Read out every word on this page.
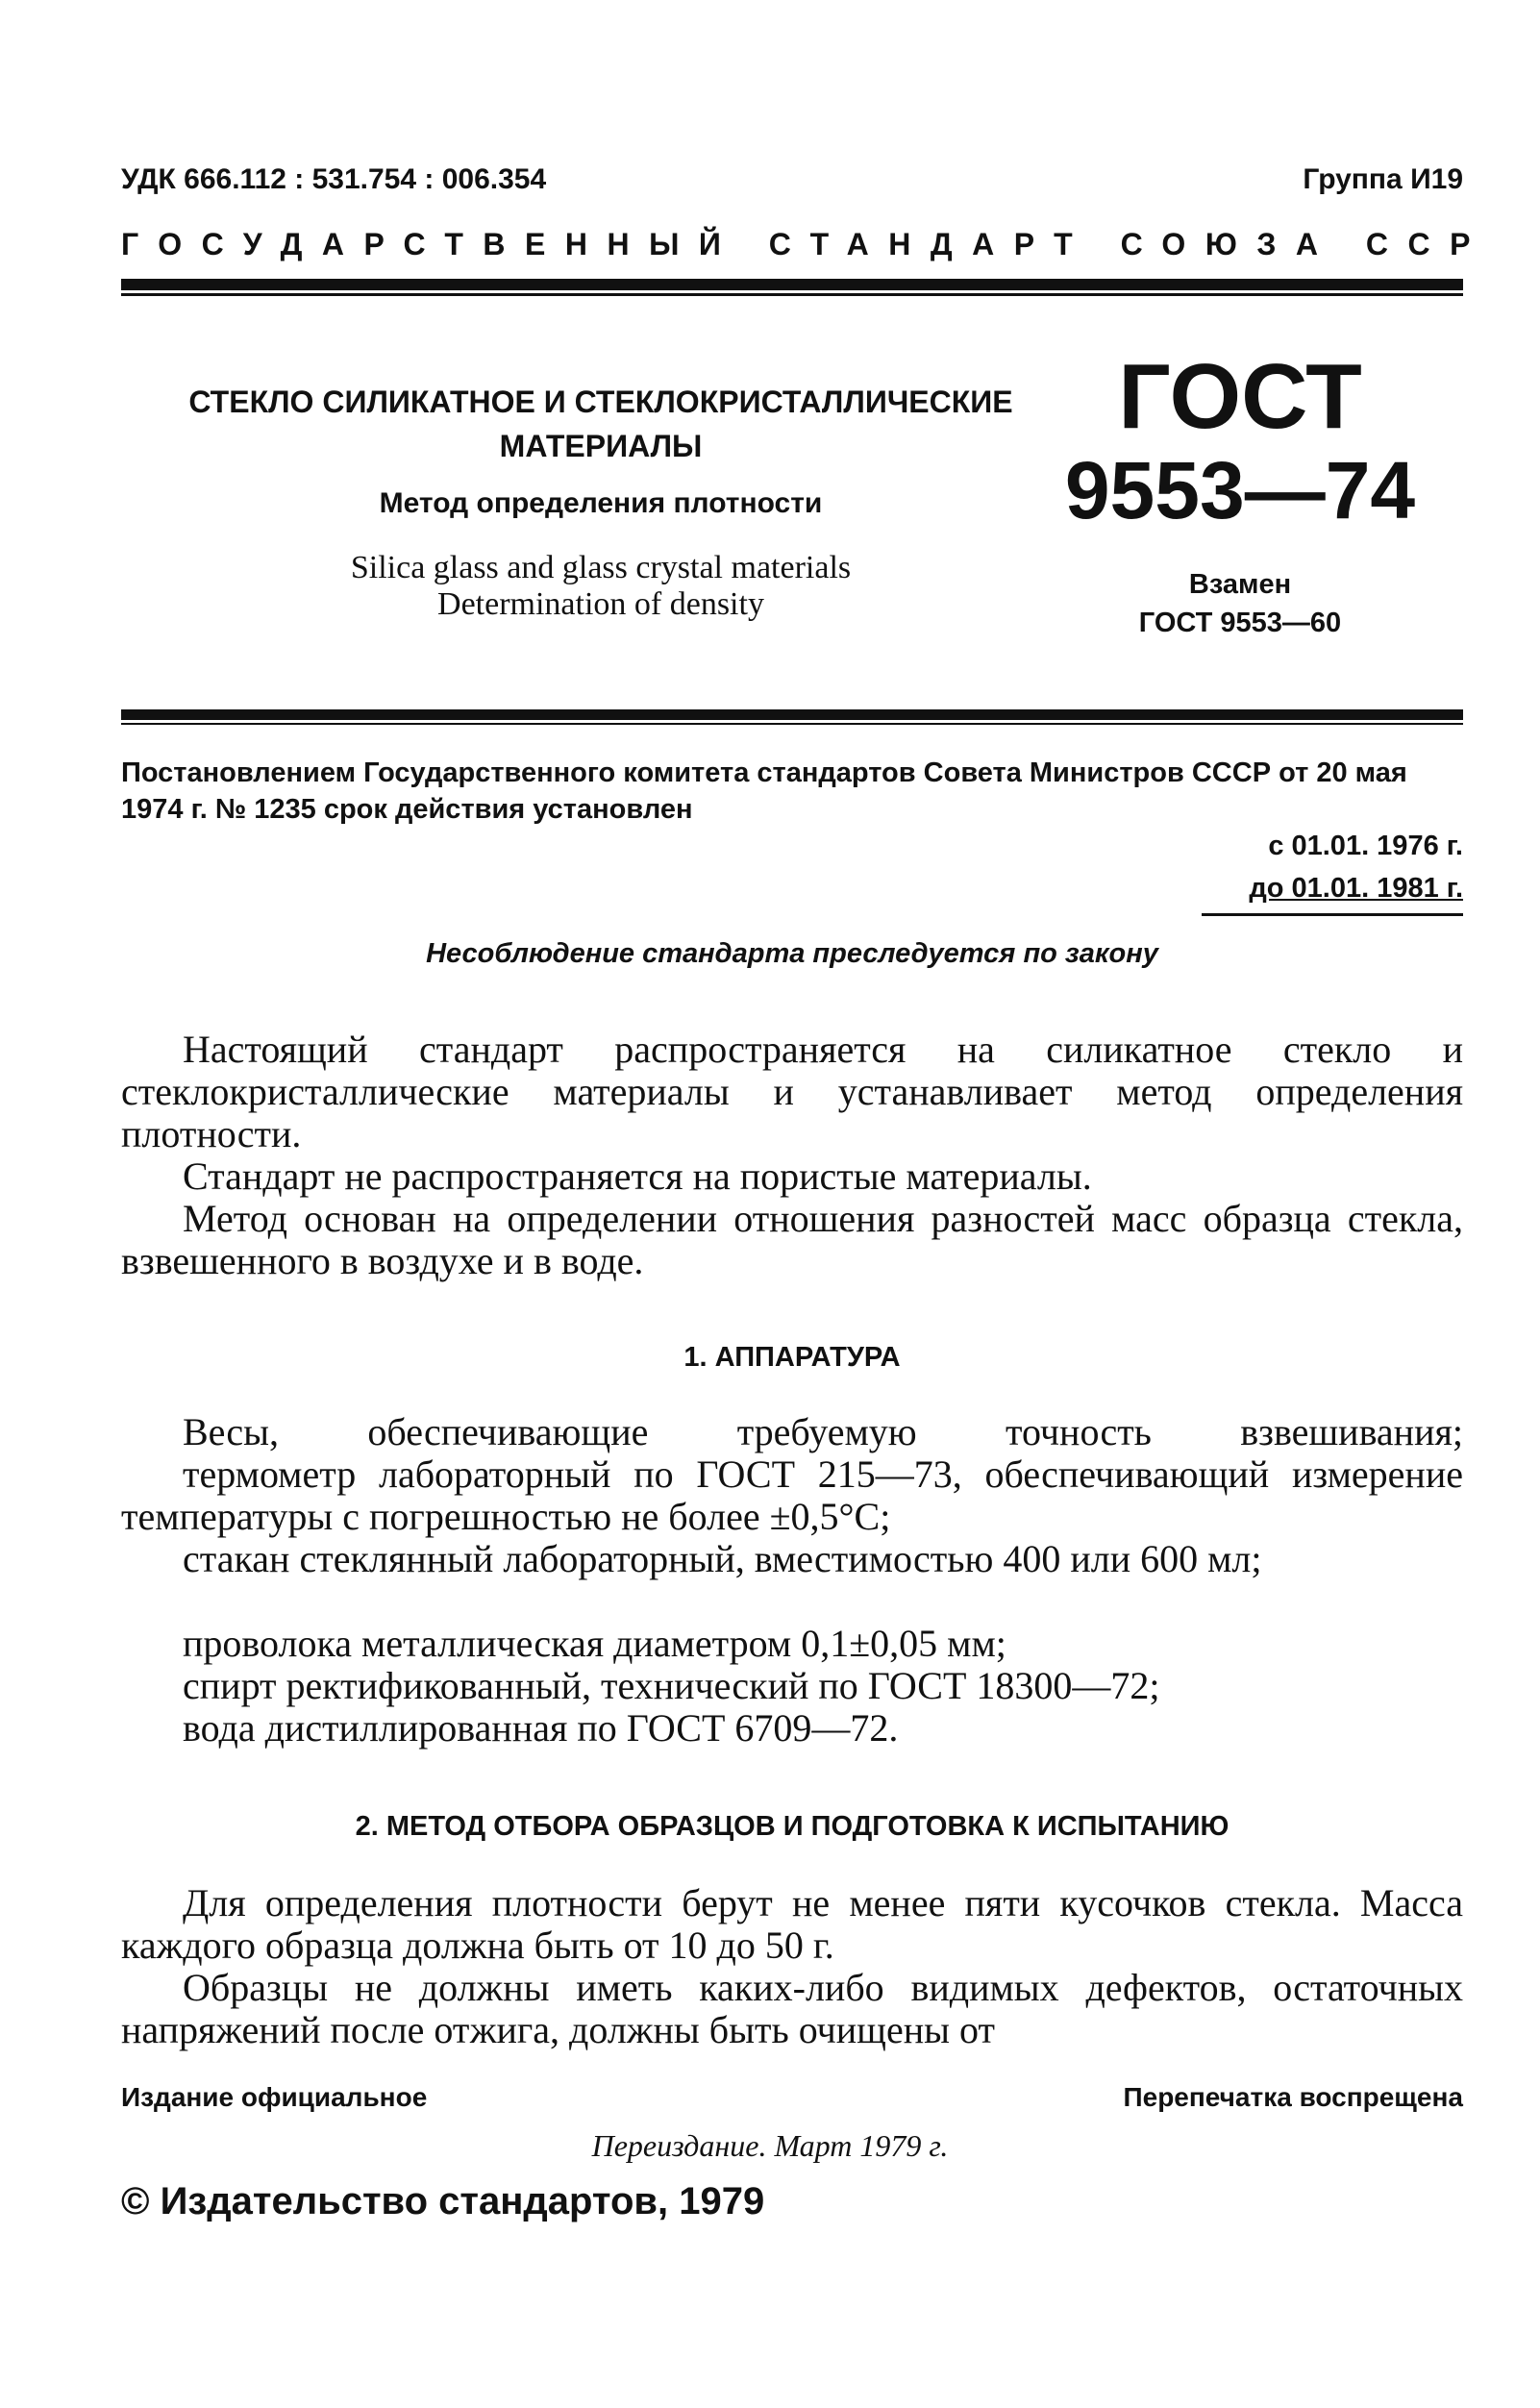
УДК 666.112 : 531.754 : 006.354	Группа И19
ГОСУДАРСТВЕННЫЙ СТАНДАРТ СОЮЗА ССР
СТЕКЛО СИЛИКАТНОЕ И СТЕКЛОКРИСТАЛЛИЧЕСКИЕ
МАТЕРИАЛЫ
Метод определения плотности
Silica glass and glass crystal materials
Determination of density
ГОСТ
9553—74
Взамен
ГОСТ 9553—60
Постановлением Государственного комитета стандартов Совета Министров СССР от 20 мая 1974 г. № 1235 срок действия установлен
с 01.01. 1976 г.
до 01.01. 1981 г.
Несоблюдение стандарта преследуется по закону
Настоящий стандарт распространяется на силикатное стекло и стеклокристаллические материалы и устанавливает метод определения плотности.
Стандарт не распространяется на пористые материалы.
Метод основан на определении отношения разностей масс образца стекла, взвешенного в воздухе и в воде.
1. АППАРАТУРА
Весы, обеспечивающие требуемую точность взвешивания;
термометр лабораторный по ГОСТ 215—73, обеспечивающий измерение температуры с погрешностью не более ±0,5°С;
стакан стеклянный лабораторный, вместимостью 400 или 600 мл;
проволока металлическая диаметром 0,1±0,05 мм;
спирт ректификованный, технический по ГОСТ 18300—72;
вода дистиллированная по ГОСТ 6709—72.
2. МЕТОД ОТБОРА ОБРАЗЦОВ И ПОДГОТОВКА К ИСПЫТАНИЮ
Для определения плотности берут не менее пяти кусочков стекла. Масса каждого образца должна быть от 10 до 50 г.
Образцы не должны иметь каких-либо видимых дефектов, остаточных напряжений после отжига, должны быть очищены от
Издание официальное	Перепечатка воспрещена
Переиздание. Март 1979 г.
© Издательство стандартов, 1979
